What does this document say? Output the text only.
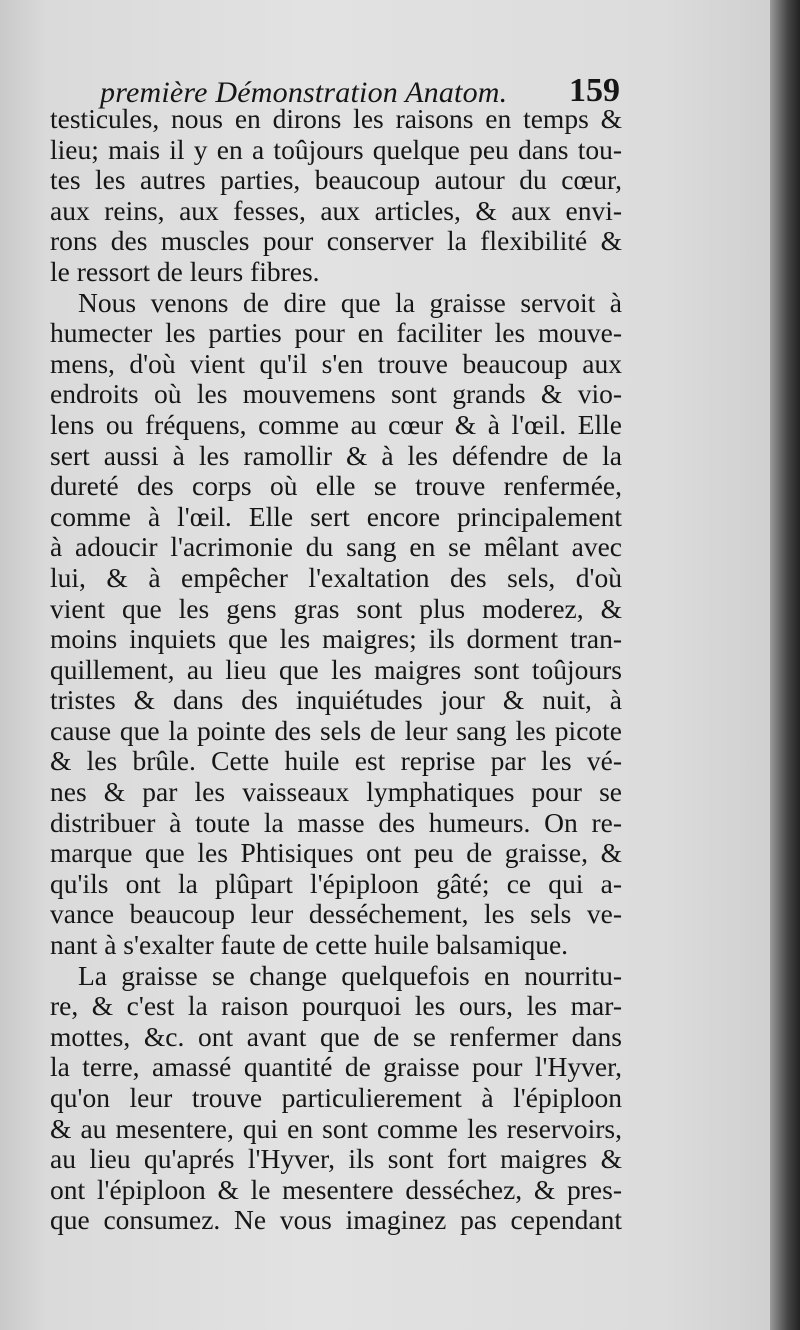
première Démonstration Anatom. 159
testicules, nous en dirons les raisons en temps &
lieu; mais il y en a toûjours quelque peu dans tou-
tes les autres parties, beaucoup autour du cœur,
aux reins, aux fesses, aux articles, & aux envi-
rons des muscles pour conserver la flexibilité &
le ressort de leurs fibres.
Nous venons de dire que la graisse servoit à
humecter les parties pour en faciliter les mouve-
mens, d'où vient qu'il s'en trouve beaucoup aux
endroits où les mouvemens sont grands & vio-
lens ou fréquens, comme au cœur & à l'œil. Elle
sert aussi à les ramollir & à les défendre de la
dureté des corps où elle se trouve renfermée,
comme à l'œil. Elle sert encore principalement
à adoucir l'acrimonie du sang en se mêlant avec
lui, & à empêcher l'exaltation des sels, d'où
vient que les gens gras sont plus moderez, &
moins inquiets que les maigres; ils dorment tran-
quillement, au lieu que les maigres sont toûjours
tristes & dans des inquiétudes jour & nuit, à
cause que la pointe des sels de leur sang les picote
& les brûle. Cette huile est reprise par les vé-
nes & par les vaisseaux lymphatiques pour se
distribuer à toute la masse des humeurs. On re-
marque que les Phtisiques ont peu de graisse, &
qu'ils ont la plûpart l'épiploon gâté; ce qui a-
vance beaucoup leur desséchement, les sels ve-
nant à s'exalter faute de cette huile balsamique.
La graisse se change quelquefois en nourritu-
re, & c'est la raison pourquoi les ours, les mar-
mottes, &c. ont avant que de se renfermer dans
la terre, amassé quantité de graisse pour l'Hyver,
qu'on leur trouve particulierement à l'épiploon
& au mesentere, qui en sont comme les reservoirs,
au lieu qu'aprés l'Hyver, ils sont fort maigres &
ont l'épiploon & le mesentere desséchez, & pres-
que consumez. Ne vous imaginez pas cependant
